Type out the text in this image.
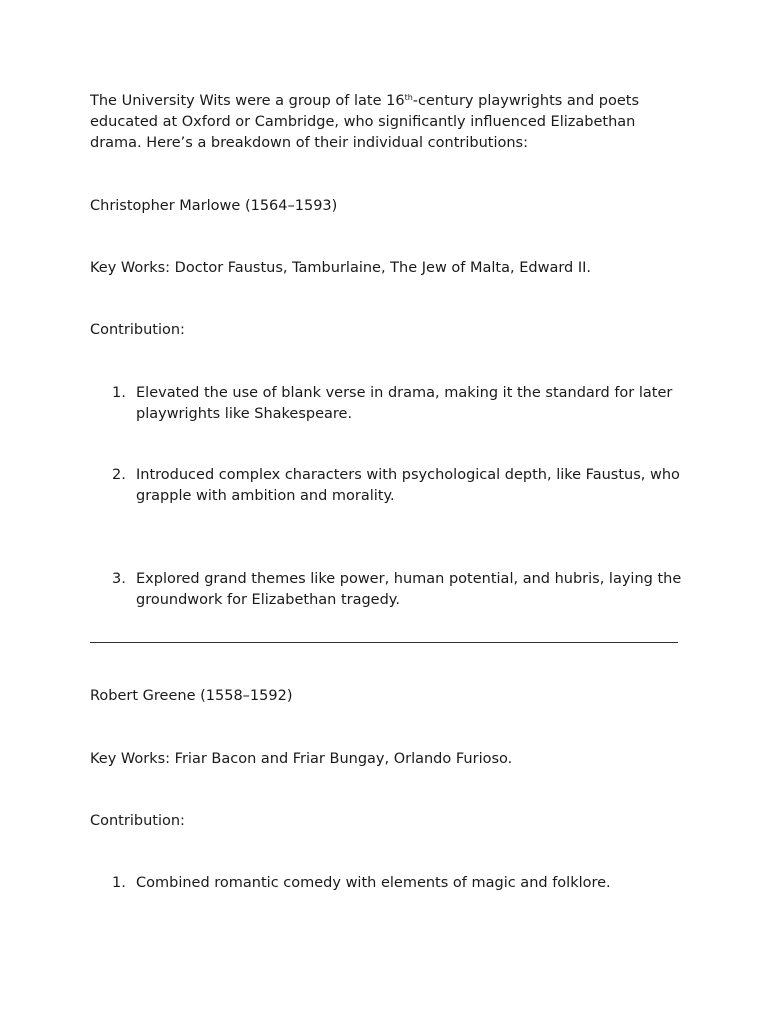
The University Wits were a group of late 16th-century playwrights and poets educated at Oxford or Cambridge, who significantly influenced Elizabethan drama. Here’s a breakdown of their individual contributions:

Christopher Marlowe (1564–1593)
Key Works: Doctor Faustus, Tamburlaine, The Jew of Malta, Edward II.
Contribution:
1. Elevated the use of blank verse in drama, making it the standard for later playwrights like Shakespeare.
2. Introduced complex characters with psychological depth, like Faustus, who grapple with ambition and morality.
3. Explored grand themes like power, human potential, and hubris, laying the groundwork for Elizabethan tragedy.
Robert Greene (1558–1592)
Key Works: Friar Bacon and Friar Bungay, Orlando Furioso.
Contribution:
1. Combined romantic comedy with elements of magic and folklore.
